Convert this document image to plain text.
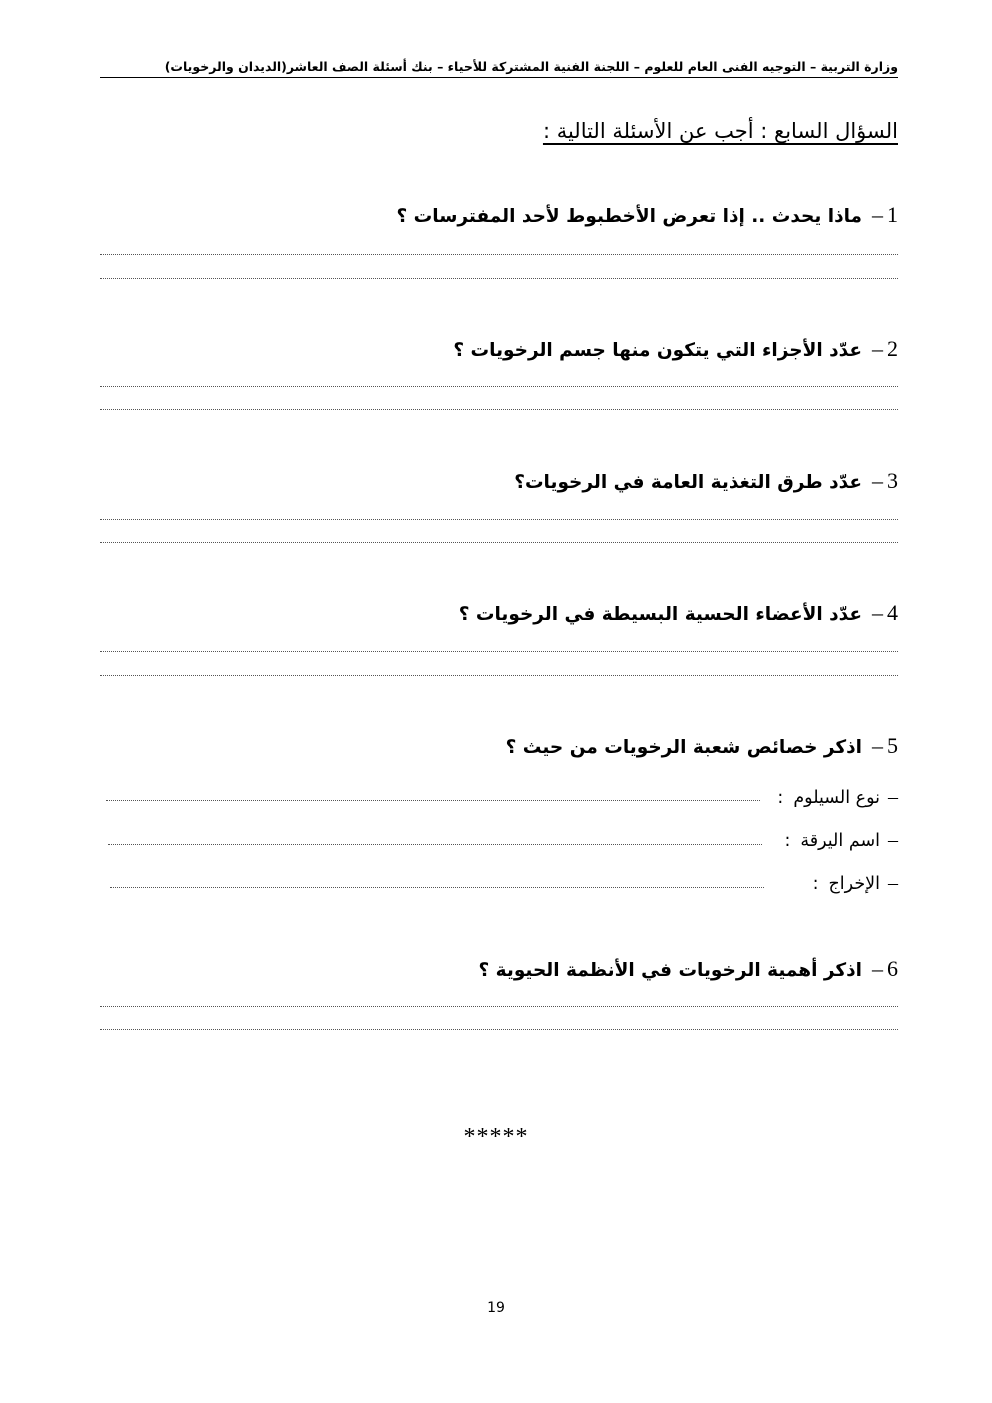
وزارة التربية – التوجيه الفنى العام للعلوم – اللجنة الفنية المشتركة للأحياء – بنك أسئلة الصف العاشر(الديدان والرخويات)
السؤال السابع : أجب عن الأسئلة التالية :
1
–
ماذا يحدث .. إذا تعرض الأخطبوط لأحد المفترسات ؟
2
–
عدّد الأجزاء التي يتكون منها جسم الرخويات ؟
3
–
عدّد طرق التغذية العامة في الرخويات؟
4
–
عدّد الأعضاء الحسية البسيطة في الرخويات ؟
5
–
اذكر خصائص شعبة الرخويات من حيث ؟
–
نوع السيلوم
:
–
اسم اليرقة
:
–
الإخراج
:
6
–
اذكر أهمية الرخويات في الأنظمة الحيوية ؟
*****
19
